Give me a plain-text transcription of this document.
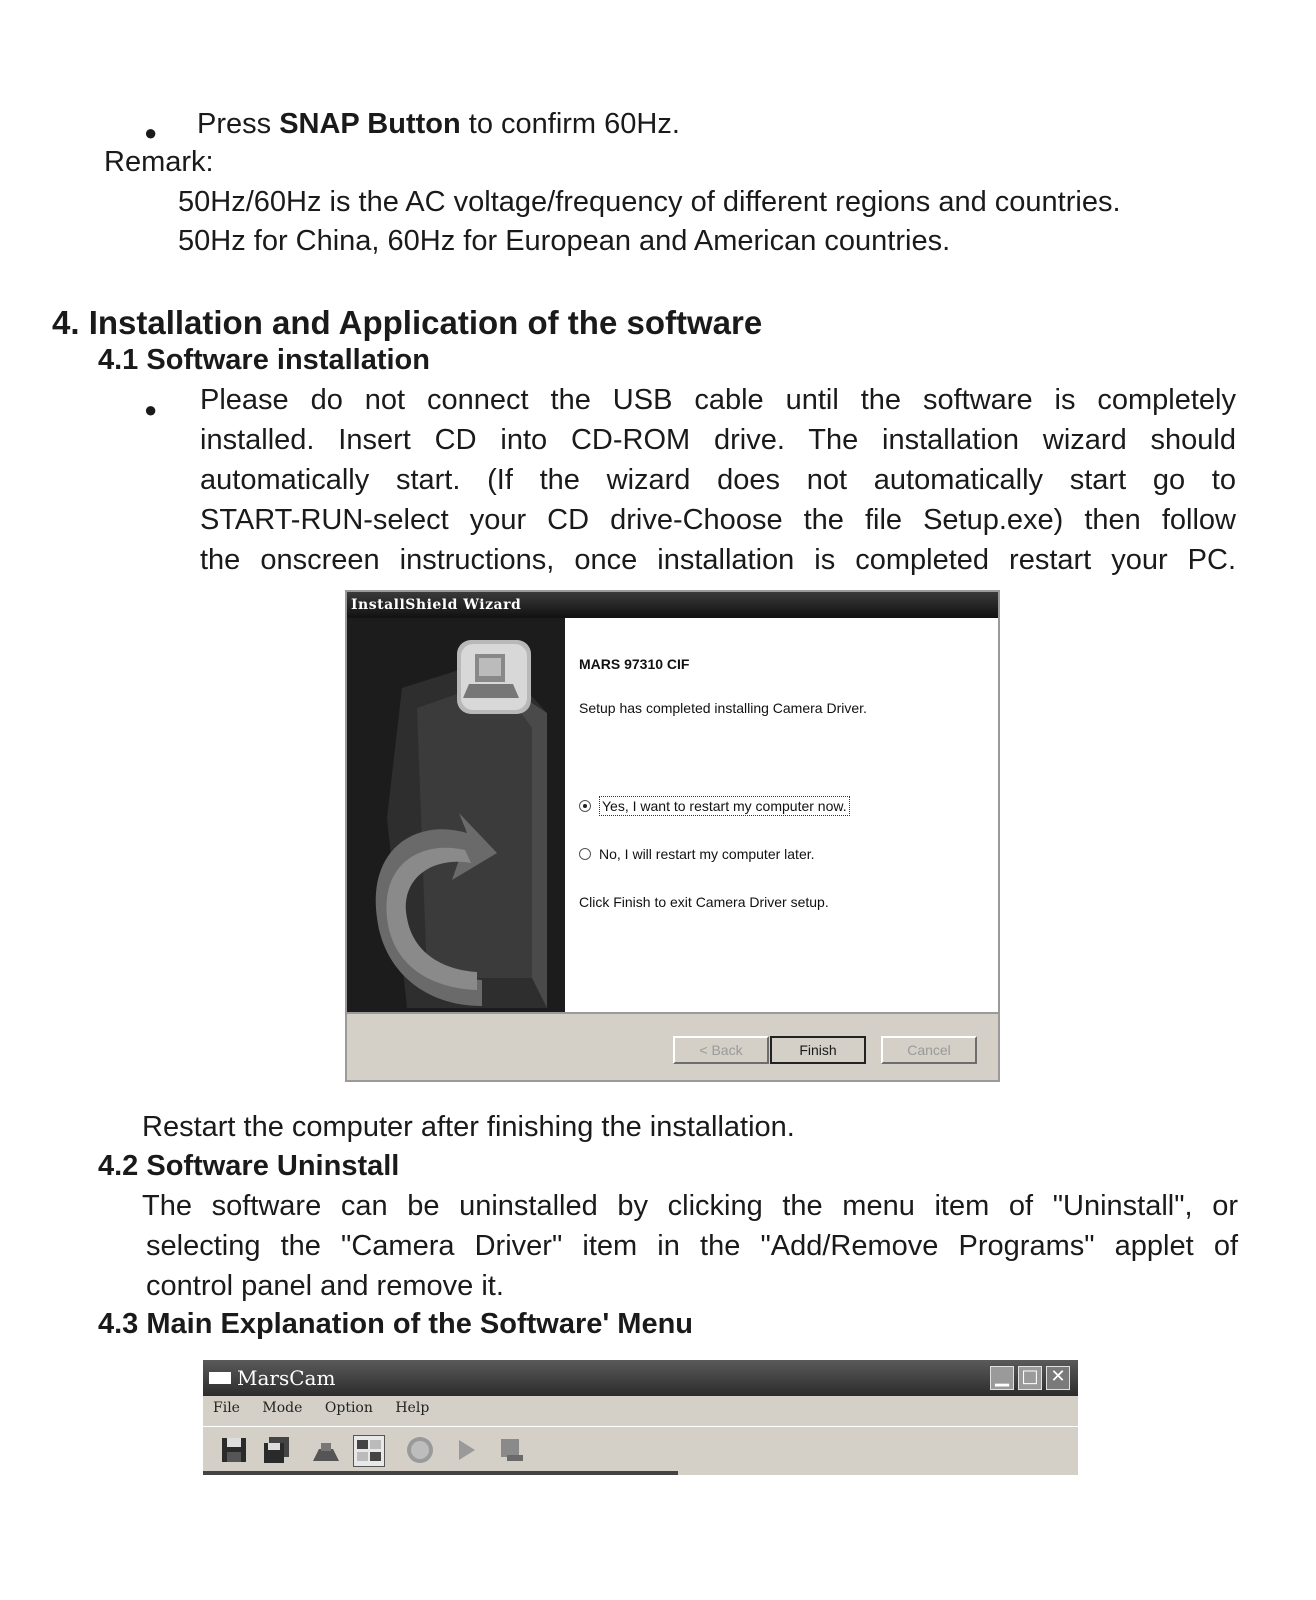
● Press SNAP Button to confirm 60Hz.
Remark:
50Hz/60Hz is the AC voltage/frequency of different regions and countries.
50Hz for China, 60Hz for European and American countries.
4. Installation and Application of the software
4.1 Software installation
● Please do not connect the USB cable until the software is completely
installed. Insert CD into CD-ROM drive. The installation wizard should
automatically start. (If the wizard does not automatically start go to
START-RUN-select your CD drive-Choose the file Setup.exe) then follow
the onscreen instructions, once installation is completed restart your PC.
InstallShield Wizard
MARS 97310 CIF
Setup has completed installing Camera Driver.
Yes, I want to restart my computer now.
No, I will restart my computer later.
Click Finish to exit Camera Driver setup.
< Back	Finish	Cancel
Restart the computer after finishing the installation.
4.2 Software Uninstall
The software can be uninstalled by clicking the menu item of "Uninstall", or
selecting the "Camera Driver" item in the "Add/Remove Programs" applet of
control panel and remove it.
4.3 Main Explanation of the Software' Menu
MarsCam	▁ □ ✕
File Mode Option Help
